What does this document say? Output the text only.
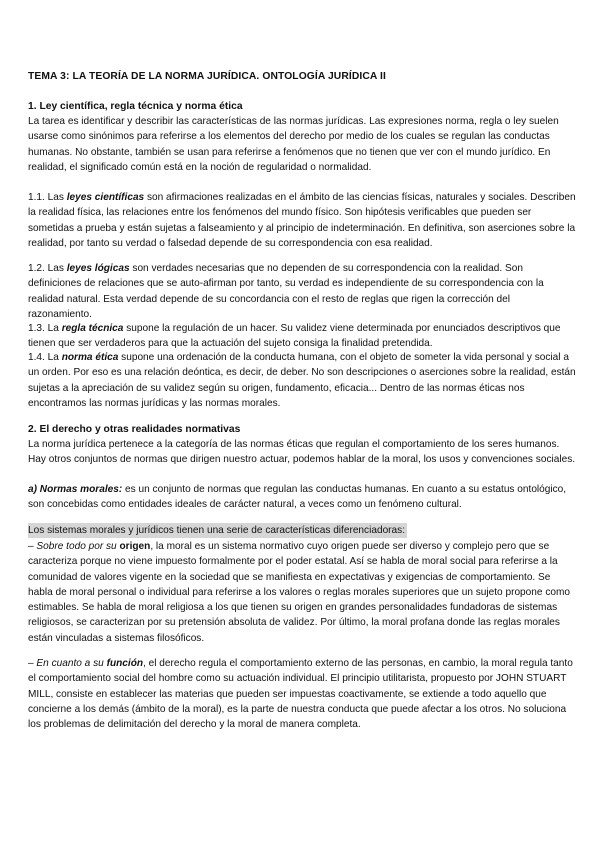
TEMA 3: LA TEORÍA DE LA NORMA JURÍDICA. ONTOLOGÍA JURÍDICA II
1. Ley científica, regla técnica y norma ética

La tarea es identificar y describir las características de las normas jurídicas. Las expresiones norma, regla o ley suelen usarse como sinónimos para referirse a los elementos del derecho por medio de los cuales se regulan las conductas humanas. No obstante, también se usan para referirse a fenómenos que no tienen que ver con el mundo jurídico. En realidad, el significado común está en la noción de regularidad o normalidad.

1.1. Las leyes científicas son afirmaciones realizadas en el ámbito de las ciencias físicas, naturales y sociales. Describen la realidad física, las relaciones entre los fenómenos del mundo físico. Son hipótesis verificables que pueden ser sometidas a prueba y están sujetas a falseamiento y al principio de indeterminación. En definitiva, son aserciones sobre la realidad, por tanto su verdad o falsedad depende de su correspondencia con esa realidad.

1.2. Las leyes lógicas son verdades necesarias que no dependen de su correspondencia con la realidad. Son definiciones de relaciones que se auto-afirman por tanto, su verdad es independiente de su correspondencia con la realidad natural. Esta verdad depende de su concordancia con el resto de reglas que rigen la corrección del razonamiento.

1.3. La regla técnica supone la regulación de un hacer. Su validez viene determinada por enunciados descriptivos que tienen que ser verdaderos para que la actuación del sujeto consiga la finalidad pretendida.

1.4. La norma ética supone una ordenación de la conducta humana, con el objeto de someter la vida personal y social a un orden. Por eso es una relación deóntica, es decir, de deber. No son descripciones o aserciones sobre la realidad, están sujetas a la apreciación de su validez según su origen, fundamento, eficacia... Dentro de las normas éticas nos encontramos las normas jurídicas y las normas morales.

2. El derecho y otras realidades normativas

La norma jurídica pertenece a la categoría de las normas éticas que regulan el comportamiento de los seres humanos. Hay otros conjuntos de normas que dirigen nuestro actuar, podemos hablar de la moral, los usos y convenciones sociales.

a) Normas morales: es un conjunto de normas que regulan las conductas humanas. En cuanto a su estatus ontológico, son concebidas como entidades ideales de carácter natural, a veces como un fenómeno cultural.

Los sistemas morales y jurídicos tienen una serie de características diferenciadoras:

– Sobre todo por su origen, la moral es un sistema normativo cuyo origen puede ser diverso y complejo pero que se caracteriza porque no viene impuesto formalmente por el poder estatal. Así se habla de moral social para referirse a la comunidad de valores vigente en la sociedad que se manifiesta en expectativas y exigencias de comportamiento. Se habla de moral personal o individual para referirse a los valores o reglas morales superiores que un sujeto propone como estimables. Se habla de moral religiosa a los que tienen su origen en grandes personalidades fundadoras de sistemas religiosos, se caracterizan por su pretensión absoluta de validez. Por último, la moral profana donde las reglas morales están vinculadas a sistemas filosóficos.

– En cuanto a su función, el derecho regula el comportamiento externo de las personas, en cambio, la moral regula tanto el comportamiento social del hombre como su actuación individual. El principio utilitarista, propuesto por JOHN STUART MILL, consiste en establecer las materias que pueden ser impuestas coactivamente, se extiende a todo aquello que concierne a los demás (ámbito de la moral), es la parte de nuestra conducta que puede afectar a los otros. No soluciona los problemas de delimitación del derecho y la moral de manera completa.
